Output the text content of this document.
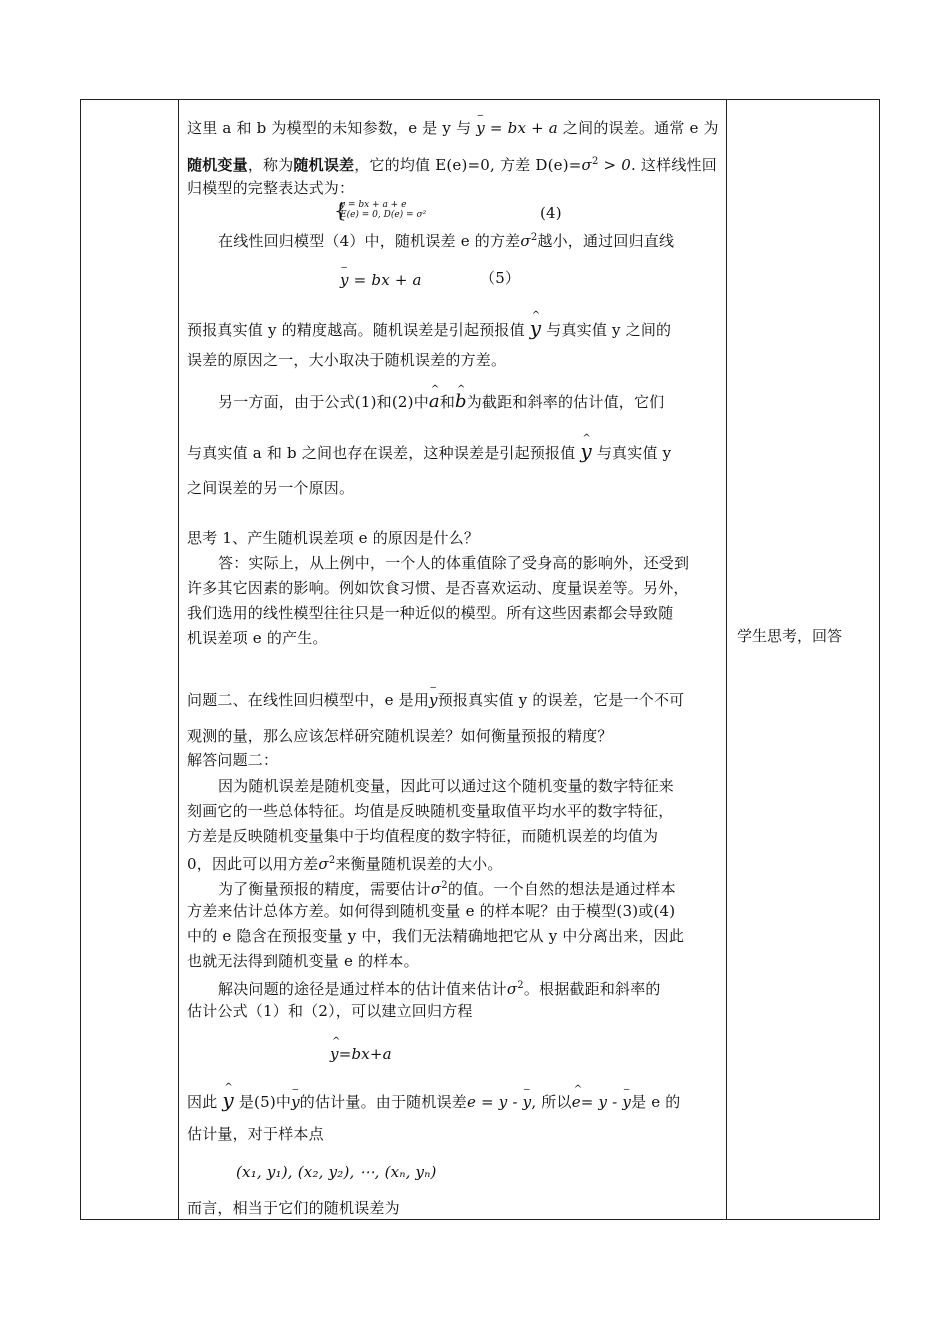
这里 a 和 b 为模型的未知参数，e 是 y 与 ‒ y = bx + a 之间的误差。通常 e 为
随机变量，称为随机误差，它的均值 E(e)=0, 方差 $D(e)=\sigma^2 > 0$. 这样线性回
归模型的完整表达式为：
{
y = bx + a + e
E(e) = 0, D(e) = σ²	(4)
在线性回归模型（4）中，随机误差 e 的方差$\sigma^2$越小，通过回归直线
‒ y = bx + a	（5）
预报真实值 y 的精度越高。随机误差是引起预报值 ^ y 与真实值 y 之间的
误差的原因之一，大小取决于随机误差的方差。
另一方面，由于公式(1)和(2)中^ a和^ b为截距和斜率的估计值，它们
与真实值 a 和 b 之间也存在误差，这种误差是引起预报值 ^ y 与真实值 y
之间误差的另一个原因。
思考 1、产生随机误差项 e 的原因是什么？
答：实际上，从上例中，一个人的体重值除了受身高的影响外，还受到
许多其它因素的影响。例如饮食习惯、是否喜欢运动、度量误差等。另外，
我们选用的线性模型往往只是一种近似的模型。所有这些因素都会导致随
机误差项 e 的产生。	学生思考，回答
问题二、在线性回归模型中，e 是用‒ y预报真实值 y 的误差，它是一个不可
观测的量，那么应该怎样研究随机误差？如何衡量预报的精度？
解答问题二：
因为随机误差是随机变量，因此可以通过这个随机变量的数字特征来
刻画它的一些总体特征。均值是反映随机变量取值平均水平的数字特征，
方差是反映随机变量集中于均值程度的数字特征，而随机误差的均值为
0，因此可以用方差$\sigma^2$来衡量随机误差的大小。
为了衡量预报的精度，需要估计$\sigma^2$的值。一个自然的想法是通过样本
方差来估计总体方差。如何得到随机变量 e 的样本呢？由于模型(3)或(4)
中的 e 隐含在预报变量 y 中，我们无法精确地把它从 y 中分离出来，因此
也就无法得到随机变量 e 的样本。
解决问题的途径是通过样本的估计值来估计$\sigma^2$。根据截距和斜率的
估计公式（1）和（2），可以建立回归方程
^ y=bx+a
因此 ^ y 是(5)中‒ y的估计量。由于随机误差e = y - ‒ y, 所以^ e= y - ‒ y是 e 的
估计量，对于样本点
(x₁, y₁), (x₂, y₂), ⋯, (xₙ, yₙ)
而言，相当于它们的随机误差为
